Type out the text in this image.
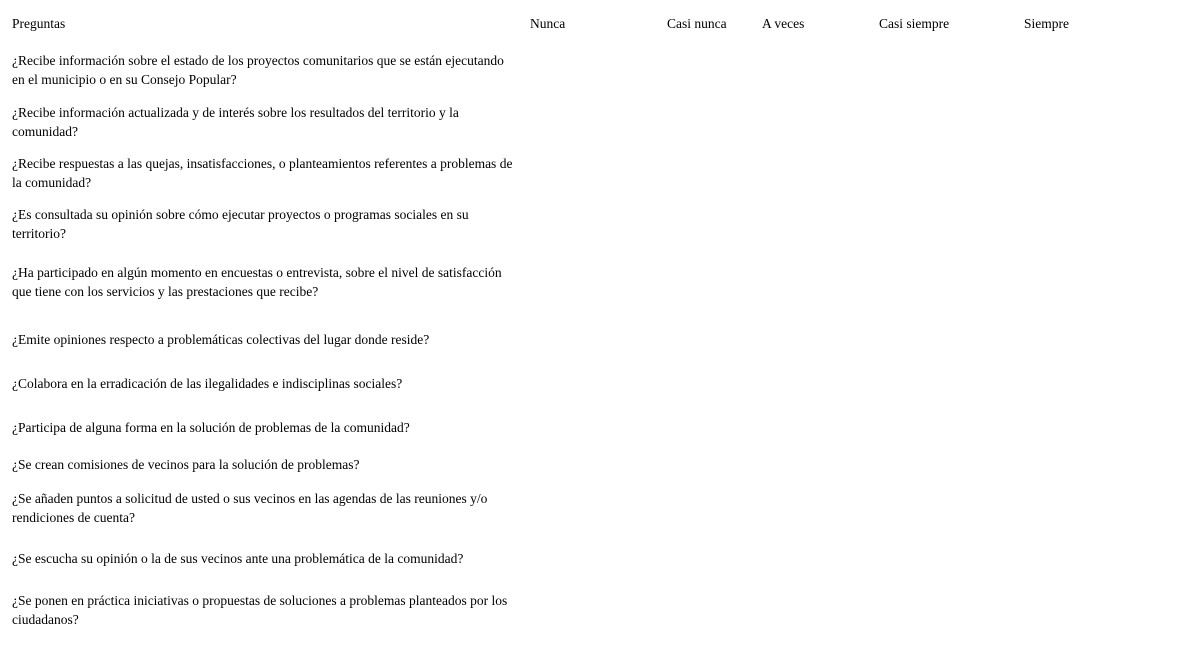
Preguntas	Nunca	Casi nunca	A veces	Casi siempre	Siempre
¿Recibe información sobre el estado de los proyectos comunitarios que se están ejecutando en el municipio o en su Consejo Popular?
¿Recibe información actualizada y de interés sobre los resultados del territorio y la comunidad?
¿Recibe respuestas a las quejas, insatisfacciones, o planteamientos referentes a problemas de la comunidad?
¿Es consultada su opinión sobre cómo ejecutar proyectos o programas sociales en su territorio?
¿Ha participado en algún momento en encuestas o entrevista, sobre el nivel de satisfacción que tiene con los servicios y las prestaciones que recibe?
¿Emite opiniones respecto a problemáticas colectivas del lugar donde reside?
¿Colabora en la erradicación de las ilegalidades e indisciplinas sociales?
¿Participa de alguna forma en la solución de problemas de la comunidad?
¿Se crean comisiones de vecinos para la solución de problemas?
¿Se añaden puntos a solicitud de usted o sus vecinos en las agendas de las reuniones y/o rendiciones de cuenta?
¿Se escucha su opinión o la de sus vecinos ante una problemática de la comunidad?
¿Se ponen en práctica iniciativas o propuestas de soluciones a problemas planteados por los ciudadanos?
